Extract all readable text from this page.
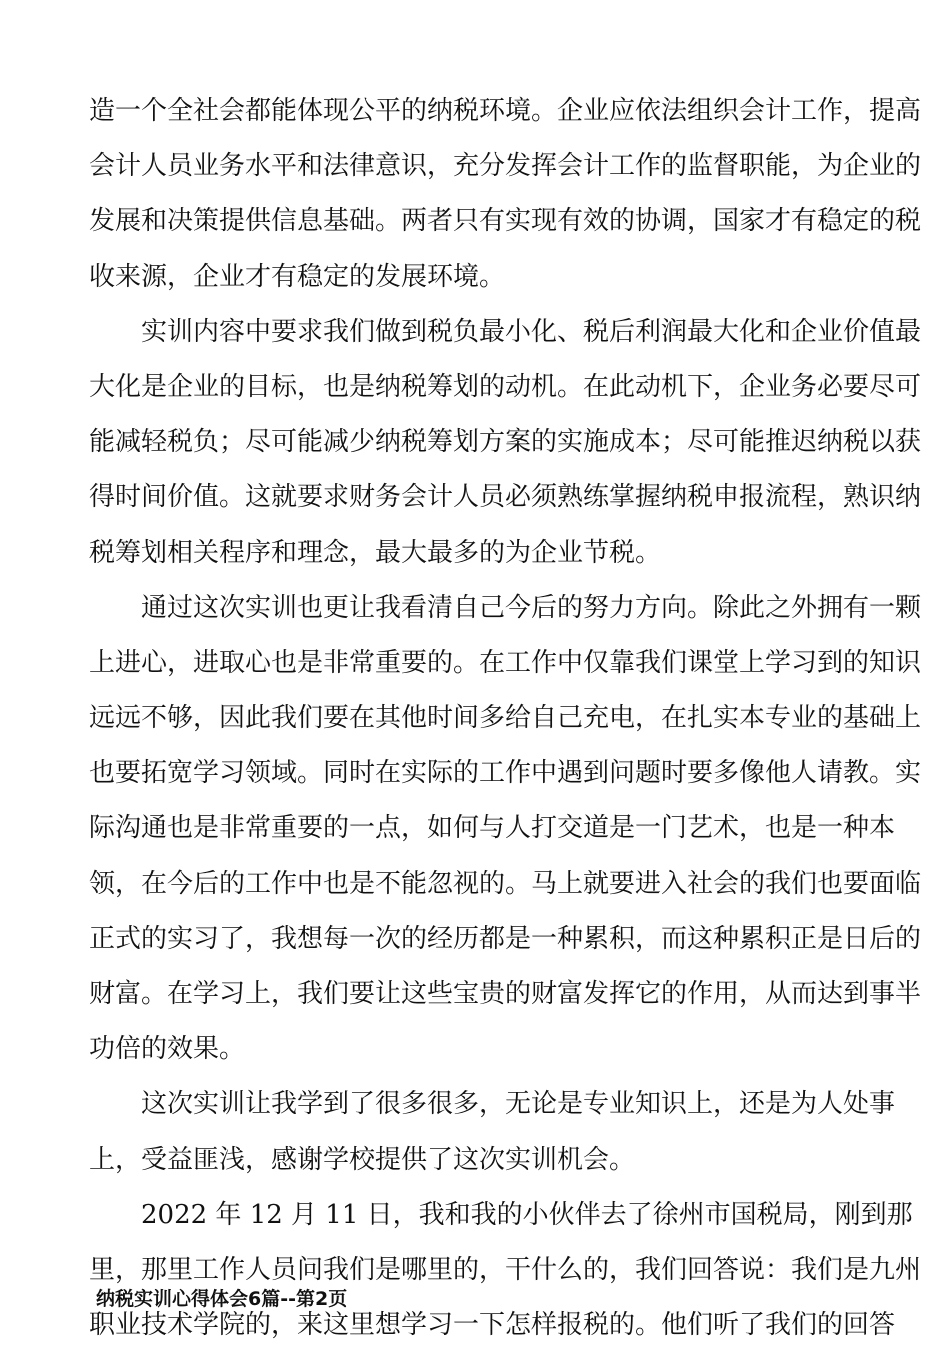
造一个全社会都能体现公平的纳税环境。企业应依法组织会计工作，提高
会计人员业务水平和法律意识，充分发挥会计工作的监督职能，为企业的
发展和决策提供信息基础。两者只有实现有效的协调，国家才有稳定的税
收来源，企业才有稳定的发展环境。
实训内容中要求我们做到税负最小化、税后利润最大化和企业价值最
大化是企业的目标，也是纳税筹划的动机。在此动机下，企业务必要尽可
能减轻税负；尽可能减少纳税筹划方案的实施成本；尽可能推迟纳税以获
得时间价值。这就要求财务会计人员必须熟练掌握纳税申报流程，熟识纳
税筹划相关程序和理念，最大最多的为企业节税。
通过这次实训也更让我看清自己今后的努力方向。除此之外拥有一颗
上进心，进取心也是非常重要的。在工作中仅靠我们课堂上学习到的知识
远远不够，因此我们要在其他时间多给自己充电，在扎实本专业的基础上
也要拓宽学习领域。同时在实际的工作中遇到问题时要多像他人请教。实
际沟通也是非常重要的一点，如何与人打交道是一门艺术，也是一种本
领，在今后的工作中也是不能忽视的。马上就要进入社会的我们也要面临
正式的实习了，我想每一次的经历都是一种累积，而这种累积正是日后的
财富。在学习上，我们要让这些宝贵的财富发挥它的作用，从而达到事半
功倍的效果。
这次实训让我学到了很多很多，无论是专业知识上，还是为人处事
上，受益匪浅，感谢学校提供了这次实训机会。
2022 年 12 月 11 日，我和我的小伙伴去了徐州市国税局，刚到那
里，那里工作人员问我们是哪里的，干什么的，我们回答说：我们是九州
职业技术学院的，来这里想学习一下怎样报税的。他们听了我们的回答
纳税实训心得体会6篇--第2页
